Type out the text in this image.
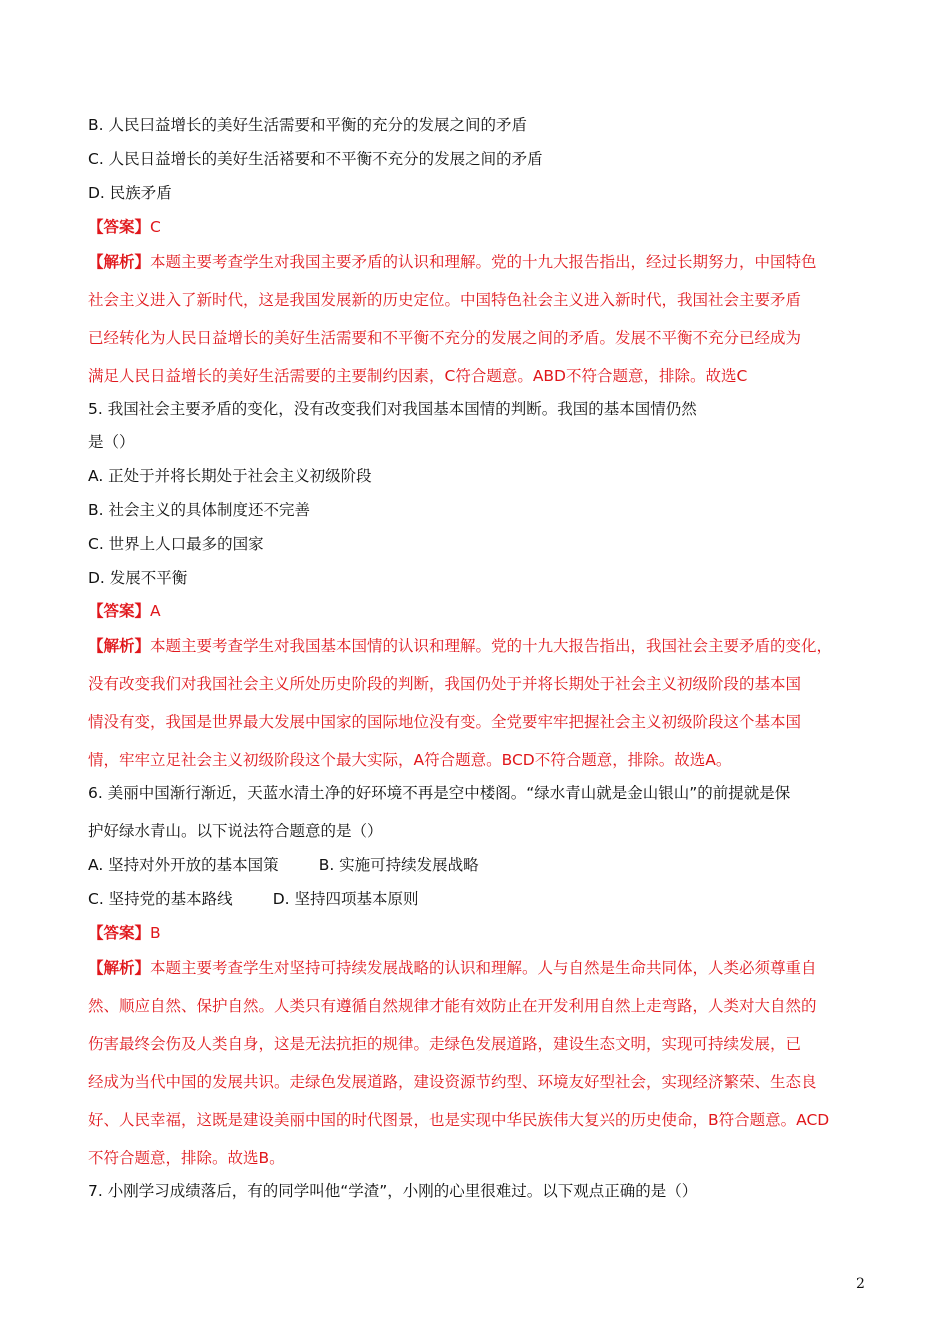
B. 人民曰益增长的美好生活需要和平衡的充分的发展之间的矛盾
C. 人民日益增长的美好生活褡要和不平衡不充分的发展之间的矛盾
D. 民族矛盾
【答案】C
【解析】本题主要考查学生对我国主要矛盾的认识和理解。党的十九大报告指出，经过长期努力，中国特色
社会主义进入了新时代，这是我国发展新的历史定位。中国特色社会主义进入新时代，我国社会主要矛盾
已经转化为人民日益增长的美好生活需要和不平衡不充分的发展之间的矛盾。发展不平衡不充分已经成为
满足人民日益增长的美好生活需要的主要制约因素，C符合题意。ABD不符合题意，排除。故选C
5. 我国社会主要矛盾的变化，没有改变我们对我国基本国情的判断。我国的基本国情仍然
是（）
A. 正处于并将长期处于社会主义初级阶段
B. 社会主义的具体制度还不完善
C. 世界上人口最多的国家
D. 发展不平衡
【答案】A
【解析】本题主要考查学生对我国基本国情的认识和理解。党的十九大报告指出，我国社会主要矛盾的变化，
没有改变我们对我国社会主义所处历史阶段的判断，我国仍处于并将长期处于社会主义初级阶段的基本国
情没有变，我国是世界最大发展中国家的国际地位没有变。全党要牢牢把握社会主义初级阶段这个基本国
情，牢牢立足社会主义初级阶段这个最大实际，A符合题意。BCD不符合题意，排除。故选A。
6. 美丽中国渐行渐近，天蓝水清土净的好环境不再是空中楼阁。“绿水青山就是金山银山”的前提就是保
护好绿水青山。以下说法符合题意的是（）
A. 坚持对外开放的基本国策	B. 实施可持续发展战略
C. 坚持党的基本路线	D. 坚持四项基本原则
【答案】B
【解析】本题主要考查学生对坚持可持续发展战略的认识和理解。人与自然是生命共同体，人类必须尊重自
然、顺应自然、保护自然。人类只有遵循自然规律才能有效防止在开发利用自然上走弯路，人类对大自然的
伤害最终会伤及人类自身，这是无法抗拒的规律。走绿色发展道路，建设生态文明，实现可持续发展，已
经成为当代中国的发展共识。走绿色发展道路，建设资源节约型、环境友好型社会，实现经济繁荣、生态良
好、人民幸福，这既是建设美丽中国的时代图景，也是实现中华民族伟大复兴的历史使命，B符合题意。ACD
不符合题意，排除。故选B。
7. 小刚学习成绩落后，有的同学叫他“学渣”，小刚的心里很难过。以下观点正确的是（）
2
